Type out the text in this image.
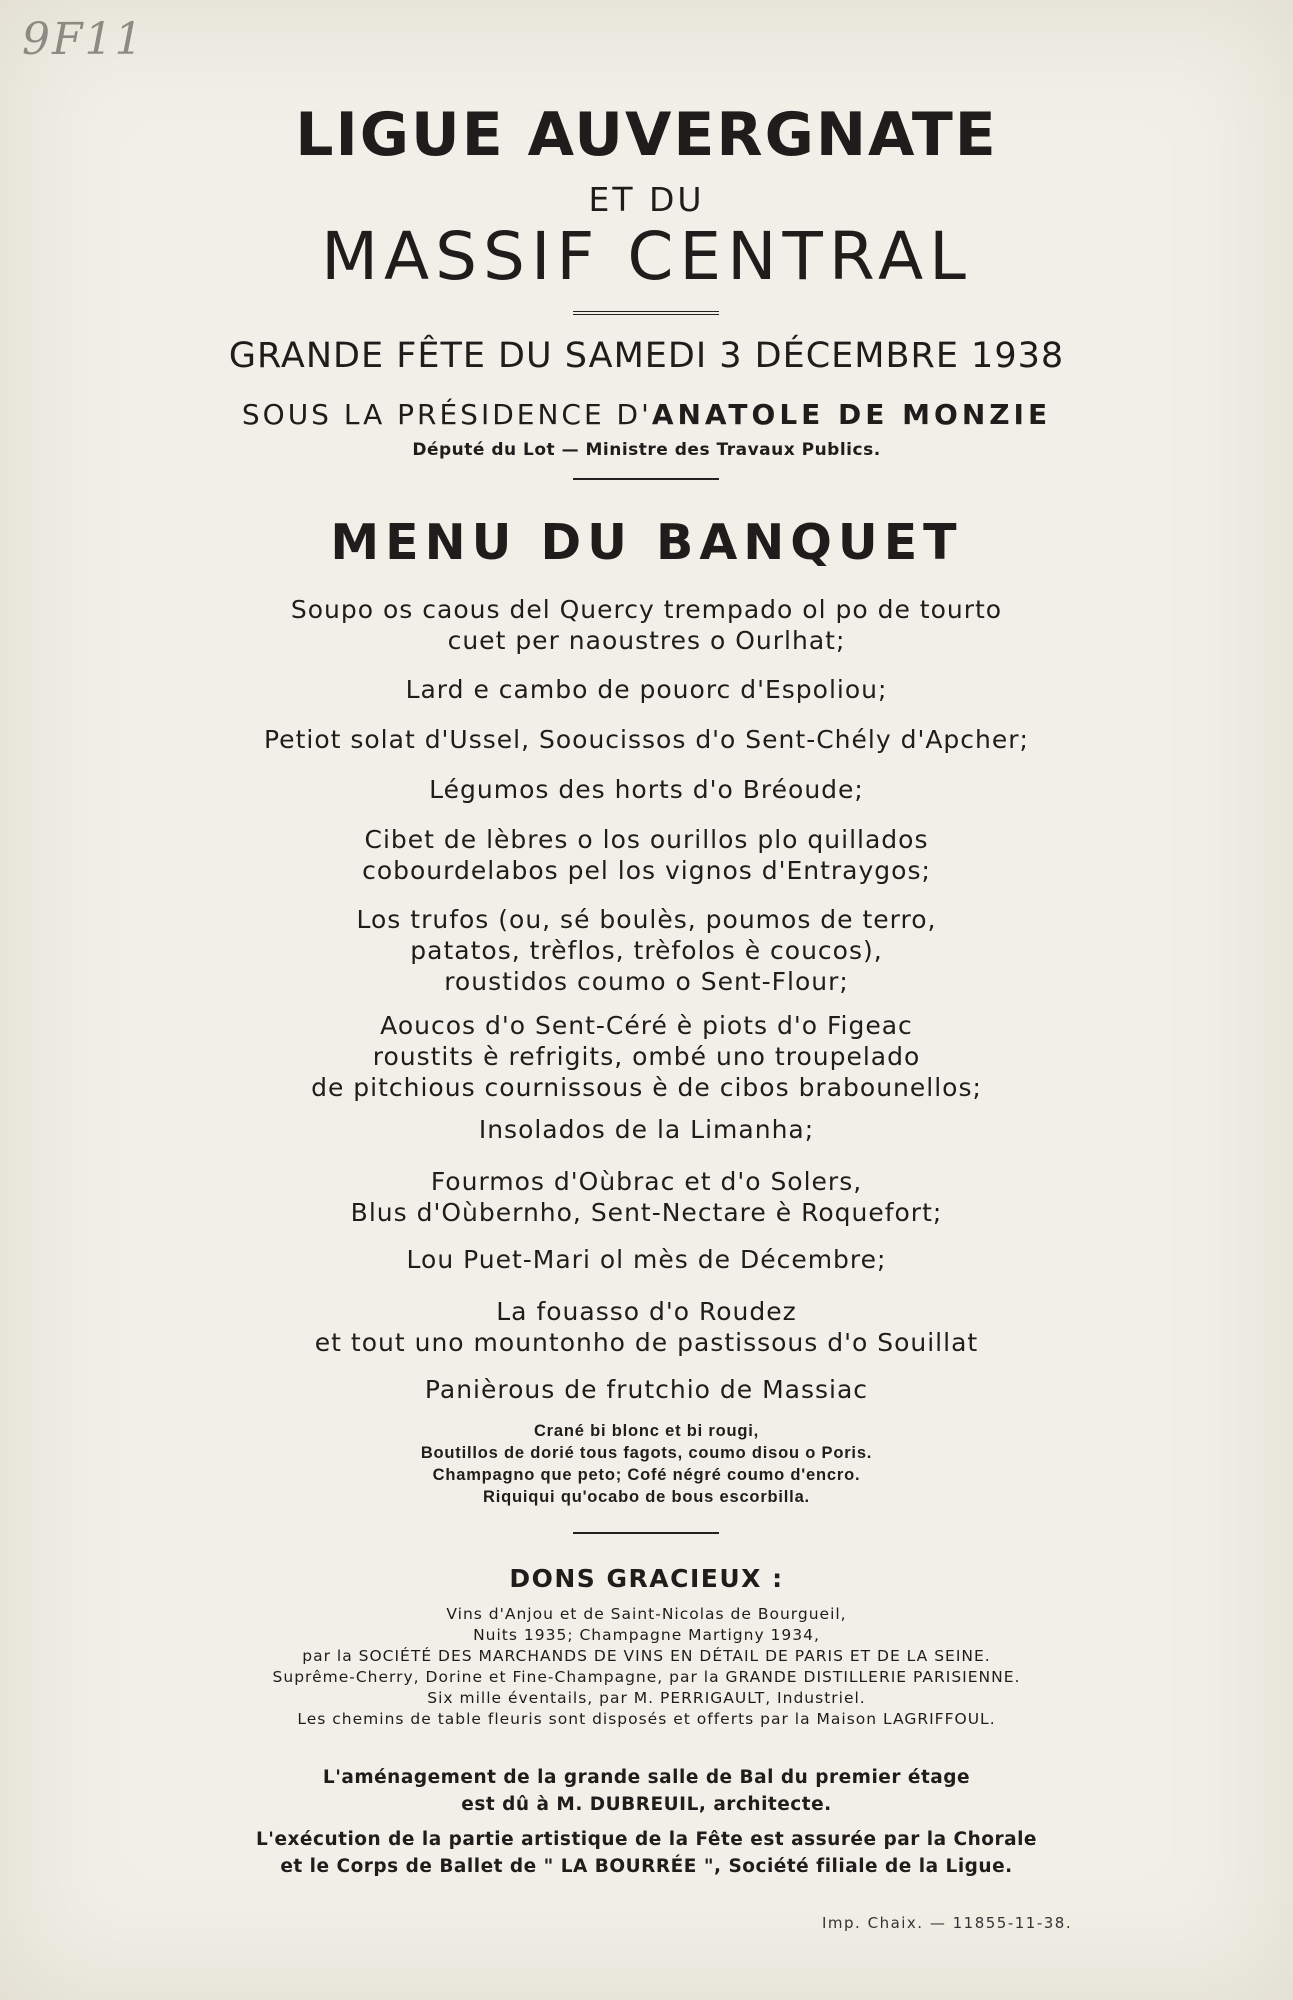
9F11
LIGUE AUVERGNATE
ET DU
MASSIF CENTRAL
GRANDE FÊTE DU SAMEDI 3 DÉCEMBRE 1938
SOUS LA PRÉSIDENCE D'ANATOLE DE MONZIE
Député du Lot — Ministre des Travaux Publics.
MENU DU BANQUET
Soupo os caous del Quercy trempado ol po de tourto
cuet per naoustres o Ourlhat;
Lard e cambo de pouorc d'Espoliou;
Petiot solat d'Ussel, Sooucissos d'o Sent-Chély d'Apcher;
Légumos des horts d'o Bréoude;
Cibet de lèbres o los ourillos plo quillados
cobourdelabos pel los vignos d'Entraygos;
Los trufos (ou, sé boulès, poumos de terro,
patatos, trèflos, trèfolos è coucos),
roustidos coumo o Sent-Flour;
Aoucos d'o Sent-Céré è piots d'o Figeac
roustits è refrigits, ombé uno troupelado
de pitchious cournissous è de cibos brabounellos;
Insolados de la Limanha;
Fourmos d'Oùbrac et d'o Solers,
Blus d'Oùbernho, Sent-Nectare è Roquefort;
Lou Puet-Mari ol mès de Décembre;
La fouasso d'o Roudez
et tout uno mountonho de pastissous d'o Souillat
Panièrous de frutchio de Massiac
Crané bi blonc et bi rougi,
Boutillos de dorié tous fagots, coumo disou o Poris.
Champagno que peto; Cofé négré coumo d'encro.
Riquiqui qu'ocabo de bous escorbilla.
DONS GRACIEUX :
Vins d'Anjou et de Saint-Nicolas de Bourgueil,
Nuits 1935; Champagne Martigny 1934,
par la SOCIÉTÉ DES MARCHANDS DE VINS EN DÉTAIL DE PARIS ET DE LA SEINE.
Suprême-Cherry, Dorine et Fine-Champagne, par la GRANDE DISTILLERIE PARISIENNE.
Six mille éventails, par M. PERRIGAULT, Industriel.
Les chemins de table fleuris sont disposés et offerts par la Maison LAGRIFFOUL.
L'aménagement de la grande salle de Bal du premier étage
est dû à M. DUBREUIL, architecte.
L'exécution de la partie artistique de la Fête est assurée par la Chorale
et le Corps de Ballet de " LA BOURRÉE ", Société filiale de la Ligue.
Imp. Chaix. — 11855-11-38.
